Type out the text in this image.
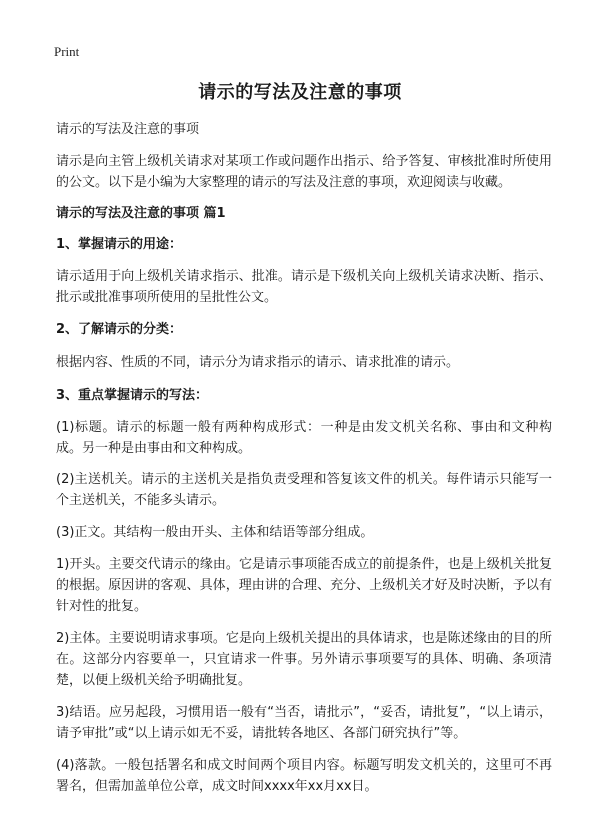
Print
请示的写法及注意的事项

请示的写法及注意的事项

请示是向主管上级机关请求对某项工作或问题作出指示、给予答复、审核批准时所使用的公文。以下是小编为大家整理的请示的写法及注意的事项，欢迎阅读与收藏。

请示的写法及注意的事项 篇1

1、掌握请示的用途：

请示适用于向上级机关请求指示、批准。请示是下级机关向上级机关请求决断、指示、批示或批准事项所使用的呈批性公文。

2、了解请示的分类：

根据内容、性质的不同，请示分为请求指示的请示、请求批准的请示。

3、重点掌握请示的写法：

(1)标题。请示的标题一般有两种构成形式：一种是由发文机关名称、事由和文种构成。另一种是由事由和文种构成。

(2)主送机关。请示的主送机关是指负责受理和答复该文件的机关。每件请示只能写一个主送机关，不能多头请示。

(3)正文。其结构一般由开头、主体和结语等部分组成。

1)开头。主要交代请示的缘由。它是请示事项能否成立的前提条件，也是上级机关批复的根据。原因讲的客观、具体，理由讲的合理、充分、上级机关才好及时决断，予以有针对性的批复。

2)主体。主要说明请求事项。它是向上级机关提出的具体请求，也是陈述缘由的目的所在。这部分内容要单一，只宜请求一件事。另外请示事项要写的具体、明确、条项清楚，以便上级机关给予明确批复。

3)结语。应另起段，习惯用语一般有“当否，请批示”，“妥否，请批复”，“以上请示，请予审批”或“以上请示如无不妥，请批转各地区、各部门研究执行”等。

(4)落款。一般包括署名和成文时间两个项目内容。标题写明发文机关的，这里可不再署名，但需加盖单位公章，成文时间xxxx年xx月xx日。
